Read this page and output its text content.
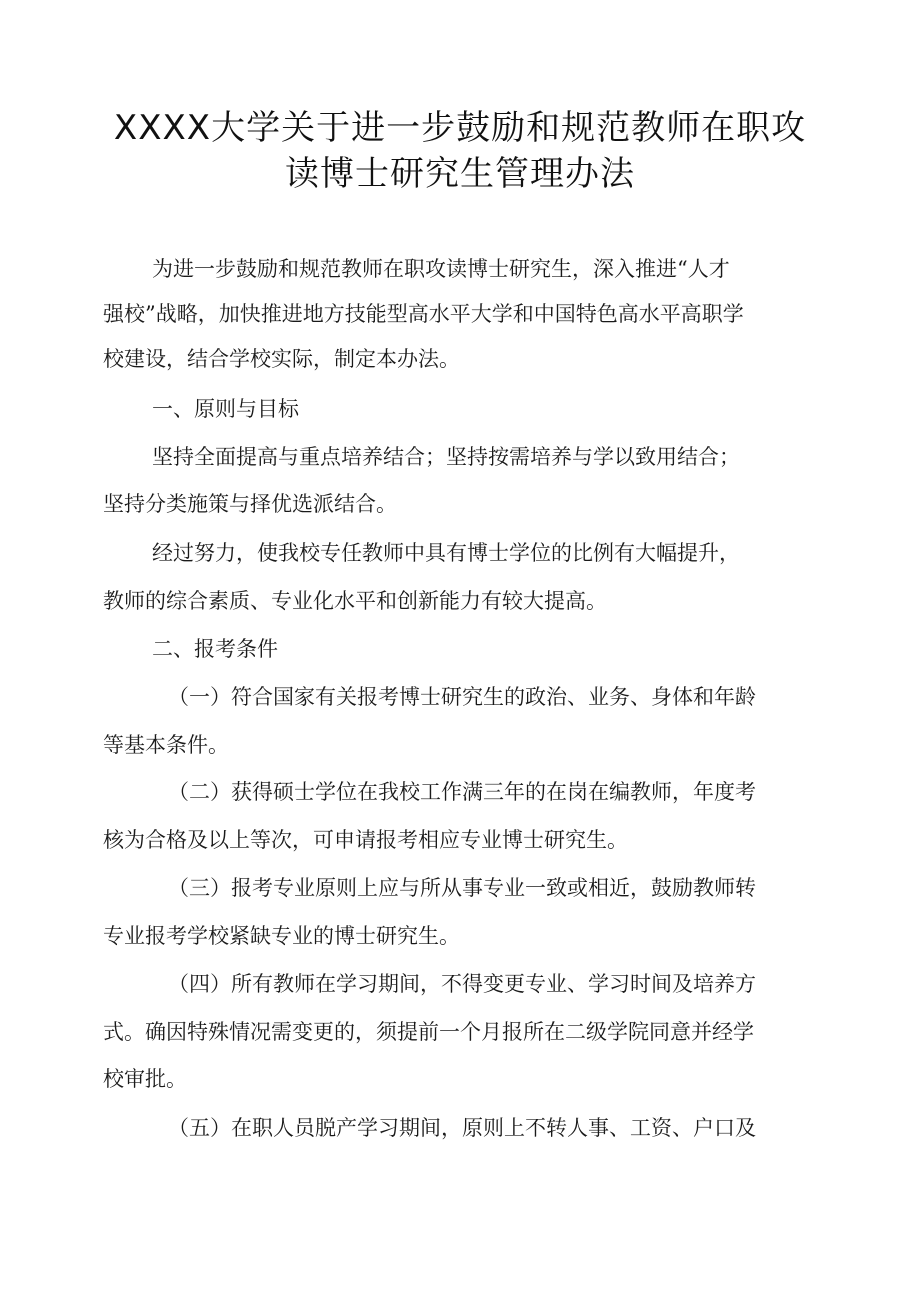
XXXX大学关于进一步鼓励和规范教师在职攻
读博士研究生管理办法
为进一步鼓励和规范教师在职攻读博士研究生，深入推进“人才
强校”战略，加快推进地方技能型高水平大学和中国特色高水平高职学
校建设，结合学校实际，制定本办法。
一、原则与目标
坚持全面提高与重点培养结合；坚持按需培养与学以致用结合；
坚持分类施策与择优选派结合。
经过努力，使我校专任教师中具有博士学位的比例有大幅提升，
教师的综合素质、专业化水平和创新能力有较大提高。
二、报考条件
（一）符合国家有关报考博士研究生的政治、业务、身体和年龄
等基本条件。
（二）获得硕士学位在我校工作满三年的在岗在编教师，年度考
核为合格及以上等次，可申请报考相应专业博士研究生。
（三）报考专业原则上应与所从事专业一致或相近，鼓励教师转
专业报考学校紧缺专业的博士研究生。
（四）所有教师在学习期间，不得变更专业、学习时间及培养方
式。确因特殊情况需变更的，须提前一个月报所在二级学院同意并经学
校审批。
（五）在职人员脱产学习期间，原则上不转人事、工资、户口及
